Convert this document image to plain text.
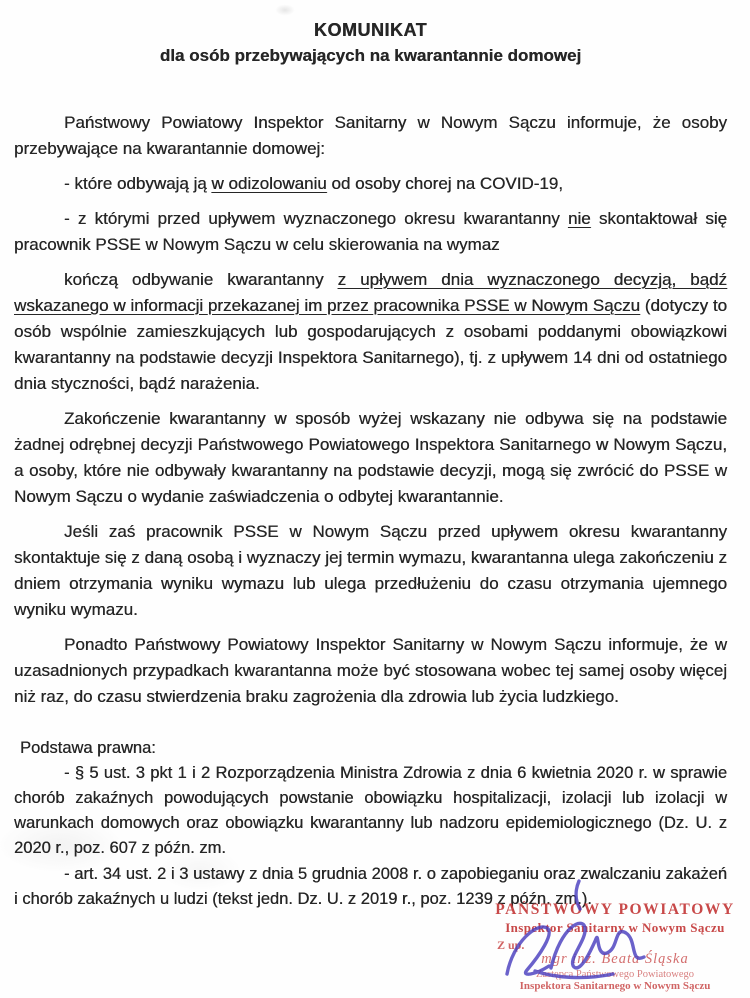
KOMUNIKAT
dla osób przebywających na kwarantannie domowej

Państwowy Powiatowy Inspektor Sanitarny w Nowym Sączu informuje, że osoby przebywające na kwarantannie domowej:

- które odbywają ją w odizolowaniu od osoby chorej na COVID-19,

- z którymi przed upływem wyznaczonego okresu kwarantanny nie skontaktował się pracownik PSSE w Nowym Sączu w celu skierowania na wymaz

kończą odbywanie kwarantanny z upływem dnia wyznaczonego decyzją, bądź wskazanego w informacji przekazanej im przez pracownika PSSE w Nowym Sączu (dotyczy to osób wspólnie zamieszkujących lub gospodarujących z osobami poddanymi obowiązkowi kwarantanny na podstawie decyzji Inspektora Sanitarnego), tj. z upływem 14 dni od ostatniego dnia styczności, bądź narażenia.

Zakończenie kwarantanny w sposób wyżej wskazany nie odbywa się na podstawie żadnej odrębnej decyzji Państwowego Powiatowego Inspektora Sanitarnego w Nowym Sączu, a osoby, które nie odbywały kwarantanny na podstawie decyzji, mogą się zwrócić do PSSE w Nowym Sączu o wydanie zaświadczenia o odbytej kwarantannie.

Jeśli zaś pracownik PSSE w Nowym Sączu przed upływem okresu kwarantanny skontaktuje się z daną osobą i wyznaczy jej termin wymazu, kwarantanna ulega zakończeniu z dniem otrzymania wyniku wymazu lub ulega przedłużeniu do czasu otrzymania ujemnego wyniku wymazu.

Ponadto Państwowy Powiatowy Inspektor Sanitarny w Nowym Sączu informuje, że w uzasadnionych przypadkach kwarantanna może być stosowana wobec tej samej osoby więcej niż raz, do czasu stwierdzenia braku zagrożenia dla zdrowia lub życia ludzkiego.

Podstawa prawna:

- § 5 ust. 3 pkt 1 i 2 Rozporządzenia Ministra Zdrowia z dnia 6 kwietnia 2020 r. w sprawie chorób zakaźnych powodujących powstanie obowiązku hospitalizacji, izolacji lub izolacji w warunkach domowych oraz obowiązku kwarantanny lub nadzoru epidemiologicznego (Dz. U. z 2020 r., poz. 607 z późn. zm.

- art. 34 ust. 2 i 3 ustawy z dnia 5 grudnia 2008 r. o zapobieganiu oraz zwalczaniu zakażeń i chorób zakaźnych u ludzi (tekst jedn. Dz. U. z 2019 r., poz. 1239 z późn. zm.).

PAŃSTWOWY POWIATOWY
Inspektor Sanitarny w Nowym Sączu
Z up.
mgr inż. Beata Śląska
Zastępca Państwowego Powiatowego
Inspektora Sanitarnego w Nowym Sączu
